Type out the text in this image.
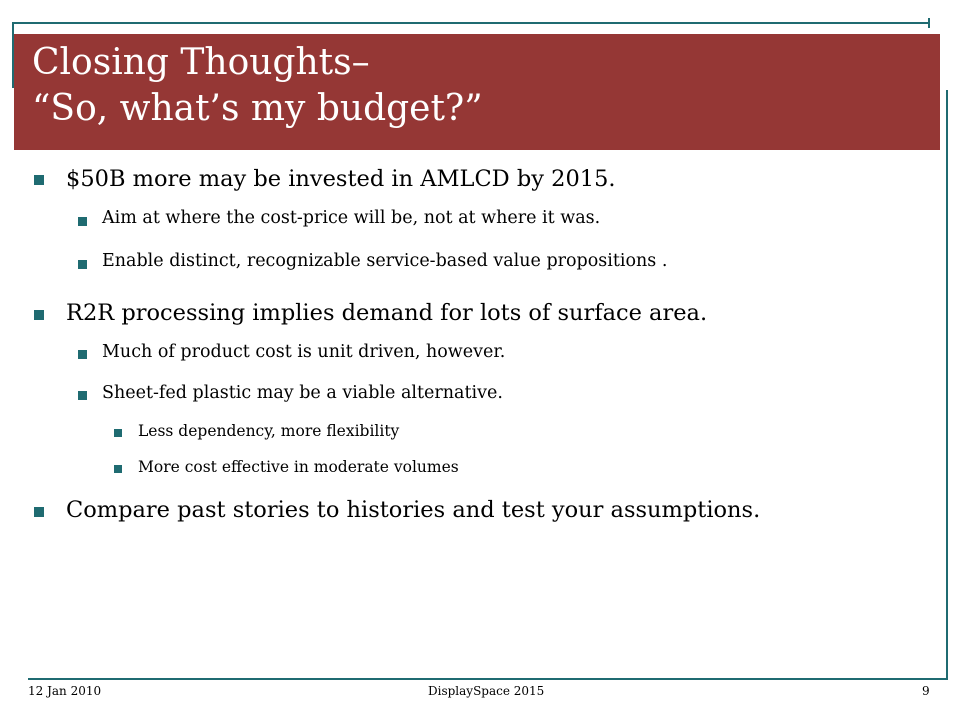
Closing Thoughts–
“So, what’s my budget?”
$50B more may be invested in AMLCD by 2015.
Aim at where the cost-price will be, not at where it was.
Enable distinct, recognizable service-based value propositions .
R2R processing implies demand for lots of surface area.
Much of product cost is unit driven, however.
Sheet-fed plastic may be a viable alternative.
Less dependency, more flexibility
More cost effective in moderate volumes
Compare past stories to histories and test your assumptions.
12 Jan 2010	DisplaySpace 2015	9
